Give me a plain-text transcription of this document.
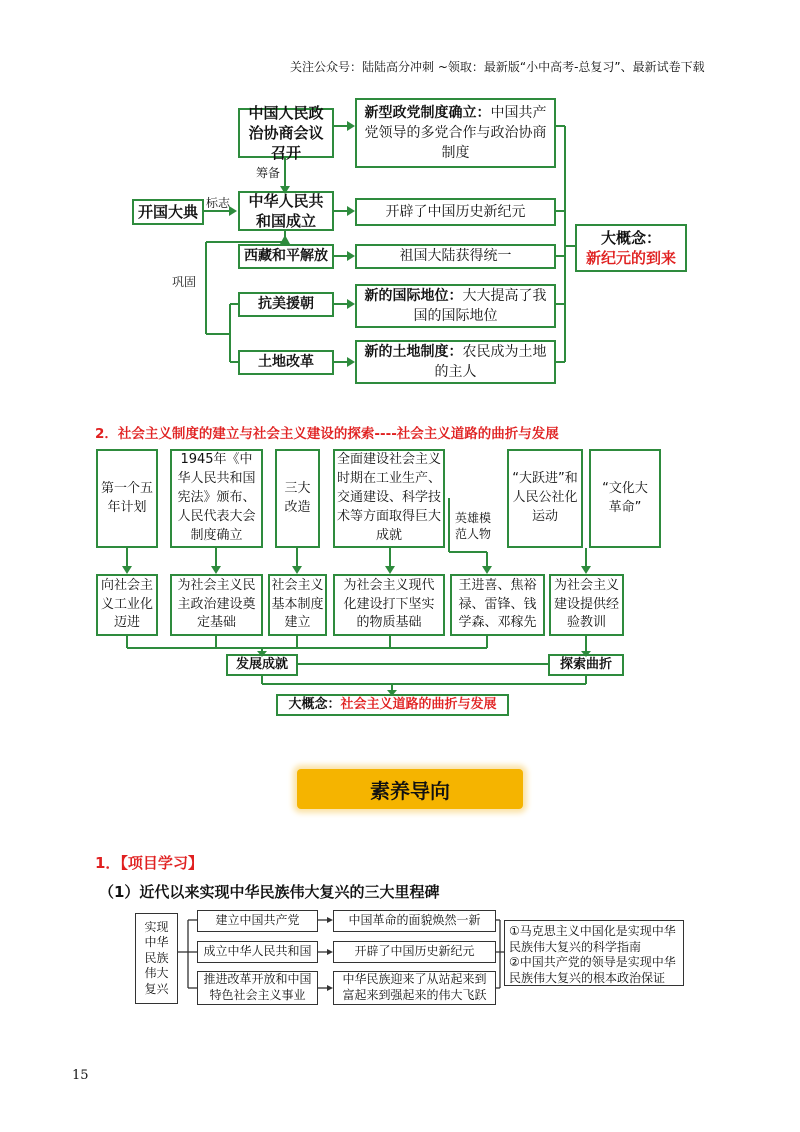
关注公众号：陆陆高分冲刺 ~领取：最新版“小中高考-总复习”、最新试卷下载
中国人民政治协商会议召开
中华人民共和国成立
开国大典
西藏和平解放
抗美援朝
土地改革
筹备
标志
巩固
新型政党制度确立：中国共产党领导的多党合作与政治协商制度
开辟了中国历史新纪元
祖国大陆获得统一
新的国际地位：大大提高了我国的国际地位
新的土地制度：农民成为土地的主人
大概念：
新纪元的到来
2．社会主义制度的建立与社会主义建设的探索----社会主义道路的曲折与发展
第一个五年计划
1945年《中华人民共和国宪法》颁布、人民代表大会制度确立
三大改造
全面建设社会主义时期在工业生产、交通建设、科学技术等方面取得巨大成就
“大跃进”和人民公社化运动
“文化大革命”
英雄模范人物
向社会主义工业化迈进
为社会主义民主政治建设奠定基础
社会主义基本制度建立
为社会主义现代化建设打下坚实的物质基础
王进喜、焦裕禄、雷锋、钱学森、邓稼先
为社会主义建设提供经验教训
发展成就	探索曲折
大概念： 社会主义道路的曲折与发展
素养导向
1．【项目学习】
（1）近代以来实现中华民族伟大复兴的三大里程碑
实现中华民族伟大复兴
建立中国共产党
成立中华人民共和国
推进改革开放和中国特色社会主义事业
中国革命的面貌焕然一新
开辟了中国历史新纪元
中华民族迎来了从站起来到富起来到强起来的伟大飞跃
①马克思主义中国化是实现中华民族伟大复兴的科学指南
②中国共产党的领导是实现中华民族伟大复兴的根本政治保证
15
